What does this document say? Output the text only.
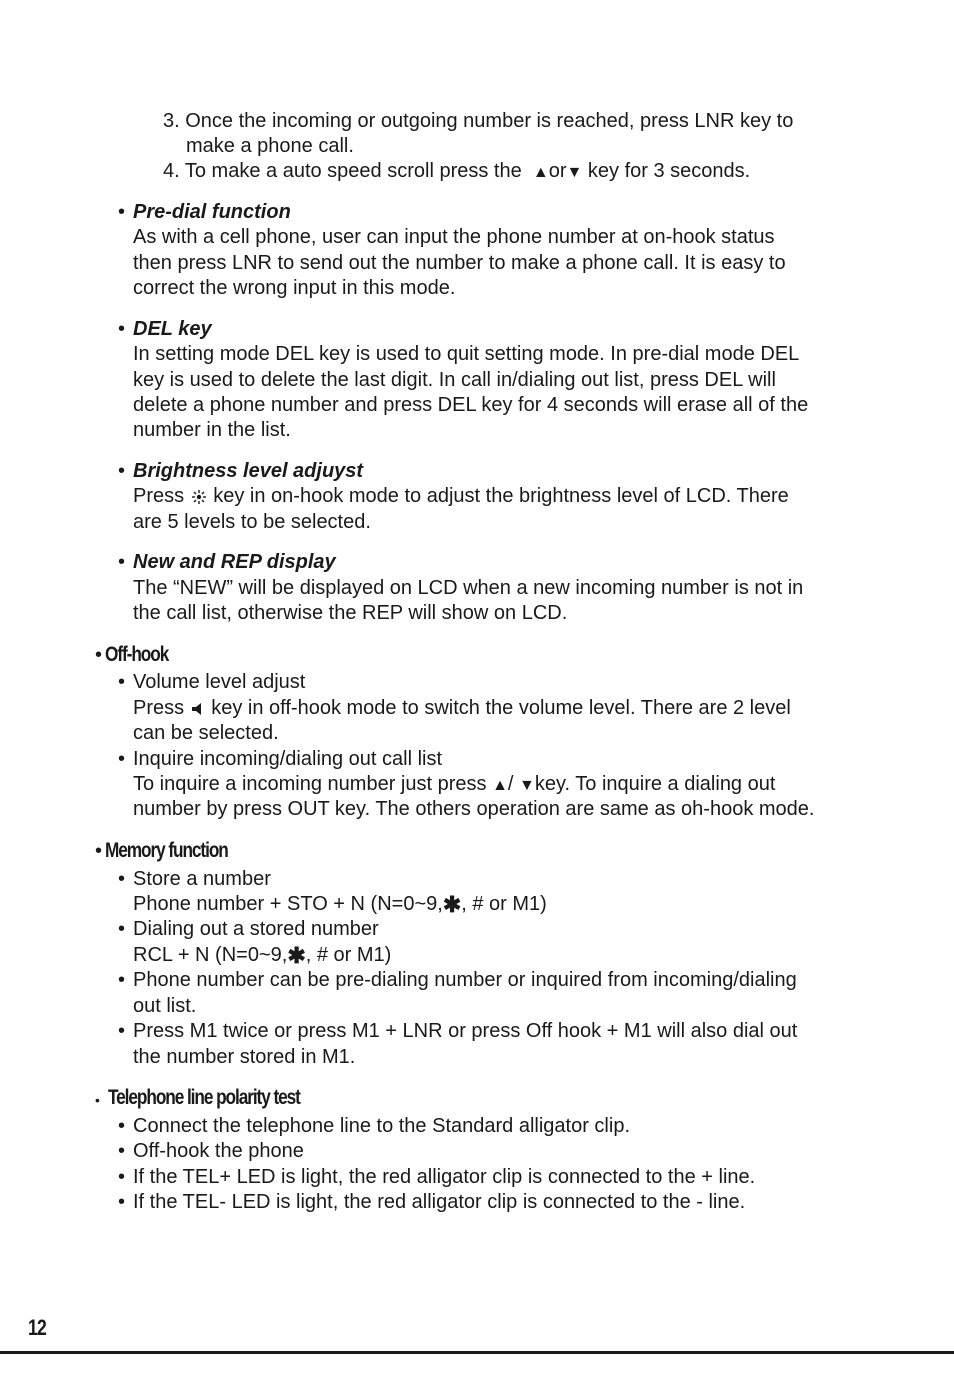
3. Once the incoming or outgoing number is reached, press LNR key to
make a phone call.
4. To make a auto speed scroll press the ▲or▼ key for 3 seconds.
• Pre-dial function
As with a cell phone, user can input the phone number at on-hook status
then press LNR to send out the number to make a phone call. It is easy to
correct the wrong input in this mode.
• DEL key
In setting mode DEL key is used to quit setting mode. In pre-dial mode DEL
key is used to delete the last digit. In call in/dialing out list, press DEL will
delete a phone number and press DEL key for 4 seconds will erase all of the
number in the list.
• Brightness level adjuyst
Press key in on-hook mode to adjust the brightness level of LCD. There
are 5 levels to be selected.
• New and REP display
The “NEW” will be displayed on LCD when a new incoming number is not in
the call list, otherwise the REP will show on LCD.
• Off-hook
• Volume level adjust
Press key in off-hook mode to switch the volume level. There are 2 level
can be selected.
• Inquire incoming/dialing out call list
To inquire a incoming number just press ▲/ ▼key. To inquire a dialing out
number by press OUT key. The others operation are same as oh-hook mode.
• Memory function
• Store a number
Phone number + STO + N (N=0~9,✱, # or M1)
• Dialing out a stored number
RCL + N (N=0~9,✱, # or M1)
• Phone number can be pre-dialing number or inquired from incoming/dialing
out list.
• Press M1 twice or press M1 + LNR or press Off hook + M1 will also dial out
the number stored in M1.
• Telephone line polarity test
• Connect the telephone line to the Standard alligator clip.
• Off-hook the phone
• If the TEL+ LED is light, the red alligator clip is connected to the + line.
• If the TEL- LED is light, the red alligator clip is connected to the - line.
12
